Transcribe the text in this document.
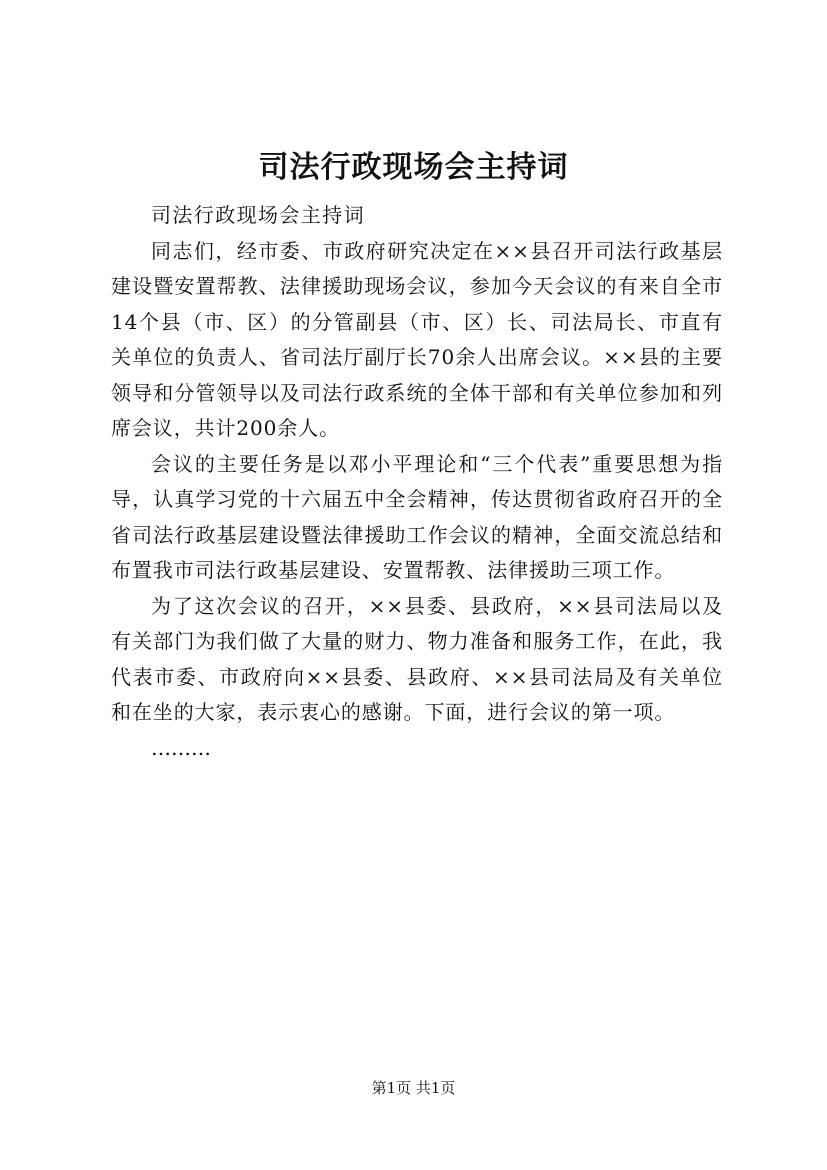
司法行政现场会主持词

司法行政现场会主持词

同志们，经市委、市政府研究决定在××县召开司法行政基层建设暨安置帮教、法律援助现场会议，参加今天会议的有来自全市14个县（市、区）的分管副县（市、区）长、司法局长、市直有关单位的负责人、省司法厅副厅长70余人出席会议。××县的主要领导和分管领导以及司法行政系统的全体干部和有关单位参加和列席会议，共计200余人。

会议的主要任务是以邓小平理论和“三个代表”重要思想为指导，认真学习党的十六届五中全会精神，传达贯彻省政府召开的全省司法行政基层建设暨法律援助工作会议的精神，全面交流总结和布置我市司法行政基层建设、安置帮教、法律援助三项工作。

为了这次会议的召开，××县委、县政府，××县司法局以及有关部门为我们做了大量的财力、物力准备和服务工作，在此，我代表市委、市政府向××县委、县政府、××县司法局及有关单位和在坐的大家，表示衷心的感谢。下面，进行会议的第一项。

………

第1页 共1页
